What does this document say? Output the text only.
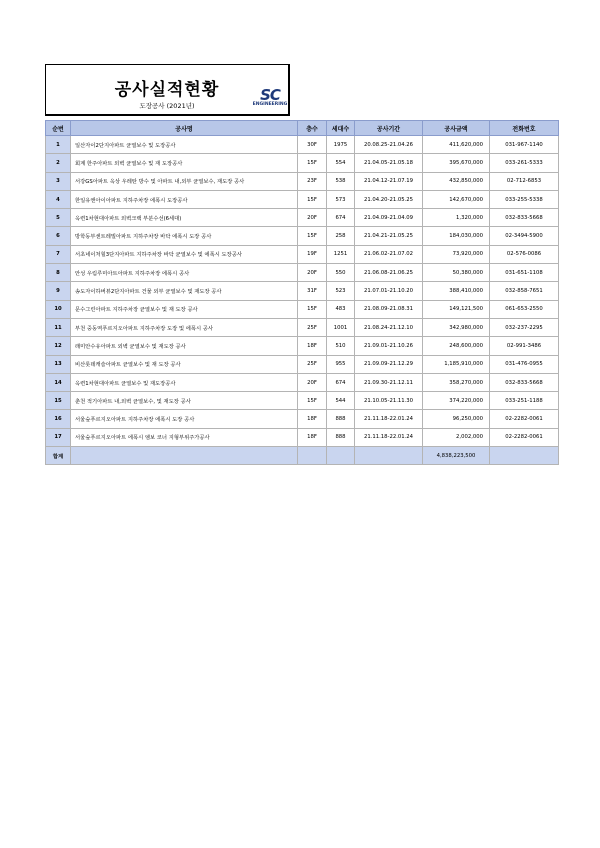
공사실적현황
도장공사 (2021년)
SC
ENGINEERING
순번	공사명	층수	세대수	공사기간	공사금액	전화번호
1	일산자이2단지아파트 균열보수 및 도장공사	30F	1975	20.08.25-21.04.26	411,620,000	031-967-1140
2	회계 한주아파트 외벽 균열보수 및 재 도장공사	15F	554	21.04.05-21.05.18	395,670,000	033-261-5333
3	서강GS아파트 옥상 우레탄 방수 및 아파트 내,외부 균열보수, 재도장 공사	23F	538	21.04.12-21.07.19	432,850,000	02-712-6853
4	한일유앤아이아파트 지하주차장 에폭시 도장공사	15F	573	21.04.20-21.05.25	142,670,000	033-255-5338
5	옥련1차현대아파트 외벽크랙 부분수선(6세대)	20F	674	21.04.09-21.04.09	1,320,000	032-833-5668
6	방학동부센트레빌아파트 지하주차장 바닥 에폭시 도장 공사	15F	258	21.04.21-21.05.25	184,030,000	02-3494-5900
7	서초네이처힐3단지아파트 지하주차장 바닥 균열보수 및 에폭시 도장공사	19F	1251	21.06.02-21.07.02	73,920,000	02-576-0086
8	안성 우림루미아트아파트 지하주차장 에폭시 공사	20F	550	21.06.08-21.06.25	50,380,000	031-651-1108
9	송도자이하버뷰2단지아파트 건물 외부 균열보수 및 재도장 공사	31F	523	21.07.01-21.10.20	388,410,000	032-858-7651
10	문수그린아파트 지하주차장 균열보수 및 재 도장 공사	15F	483	21.08.09-21.08.31	149,121,500	061-653-2550
11	부천 중동역푸르지오아파트 지하주차장 도장 및 에폭시 공사	25F	1001	21.08.24-21.12.10	342,980,000	032-237-2295
12	래미안수유아파트 외벽 균열보수 및 재도장 공사	18F	510	21.09.01-21.10.26	248,600,000	02-991-3486
13	비산롯데캐슬아파트 균열보수 및 재 도장 공사	25F	955	21.09.09-21.12.29	1,185,910,000	031-476-0955
14	옥련1차현대아파트 균열보수 및 재도장공사	20F	674	21.09.30-21.12.11	358,270,000	032-833-5668
15	춘천 적기아파트 내,외벽 균열보수, 및 재도장 공사	15F	544	21.10.05-21.11.30	374,220,000	033-251-1188
16	서울숲푸르지오아파트 지하주차장 에폭시 도장 공사	18F	888	21.11.18-22.01.24	96,250,000	02-2282-0061
17	서울숲푸르지오아파트 에폭시 엠보 코너 지형부위주가공사	18F	888	21.11.18-22.01.24	2,002,000	02-2282-0061
합계					4,838,223,500	
